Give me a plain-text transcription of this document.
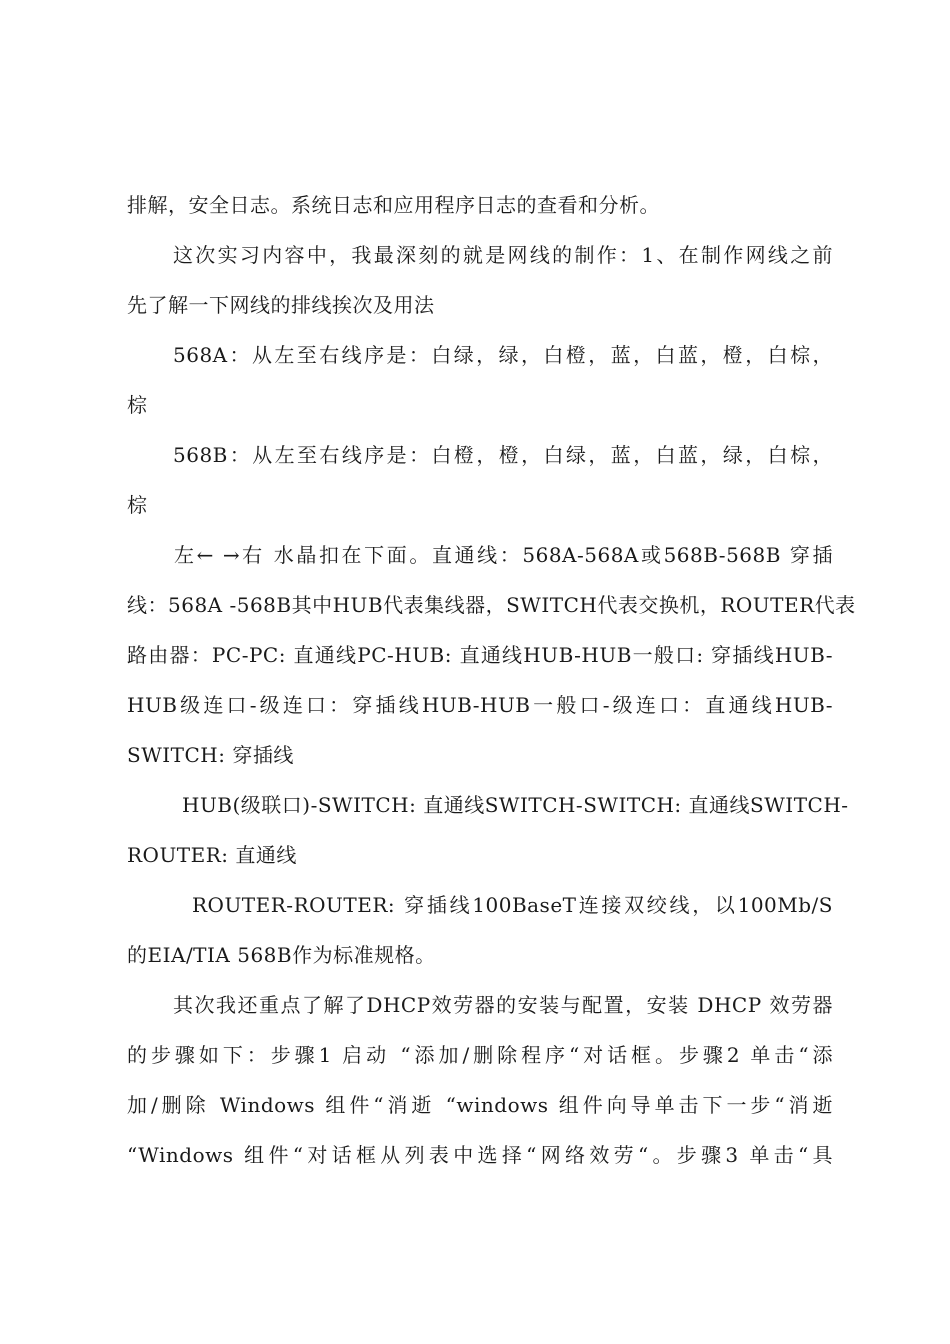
排解，安全日志。系统日志和应用程序日志的查看和分析。
这次实习内容中，我最深刻的就是网线的制作：1、在制作网线之前
先了解一下网线的排线挨次及用法
568A：从左至右线序是：白绿，绿，白橙，蓝，白蓝，橙，白棕，
棕
568B：从左至右线序是：白橙，橙，白绿，蓝，白蓝，绿，白棕，
棕
左← →右 水晶扣在下面。直通线：568A-568A或568B-568B 穿插
线：568A -568B其中HUB代表集线器，SWITCH代表交换机，ROUTER代表
路由器：PC-PC: 直通线PC-HUB: 直通线HUB-HUB一般口: 穿插线HUB-
HUB级连口-级连口：穿插线HUB-HUB一般口-级连口：直通线HUB-
SWITCH: 穿插线
HUB(级联口)-SWITCH: 直通线SWITCH-SWITCH: 直通线SWITCH-
ROUTER: 直通线
ROUTER-ROUTER: 穿插线100BaseT连接双绞线，以100Mb/S
的EIA/TIA 568B作为标准规格。
其次我还重点了解了DHCP效劳器的安装与配置，安装 DHCP 效劳器
的步骤如下：步骤1 启动 “添加/删除程序“对话框。步骤2 单击“添
加/删除 Windows 组件“消逝 “windows 组件向导单击下一步“消逝
“Windows 组件“对话框从列表中选择“网络效劳“。步骤3 单击“具
